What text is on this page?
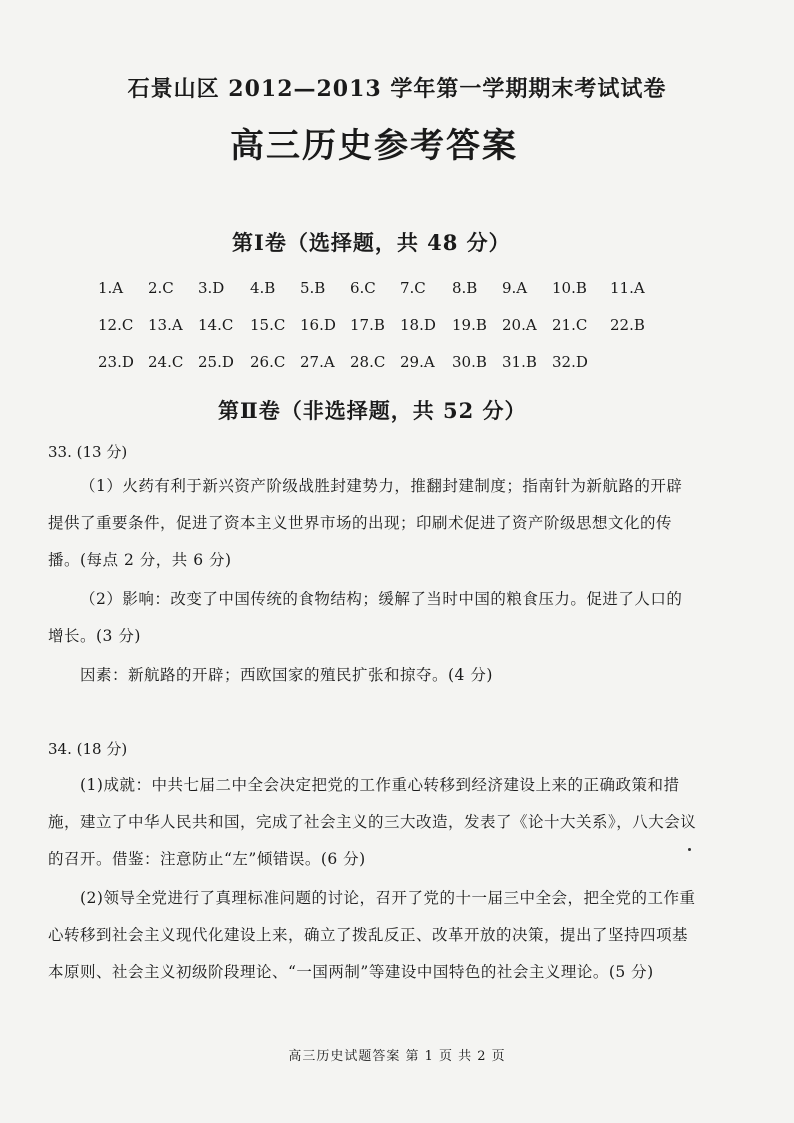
石景山区 2012—2013 学年第一学期期末考试试卷
高三历史参考答案
第Ⅰ卷（选择题，共 48 分）
1.A 2.C 3.D 4.B 5.B 6.C 7.C 8.B 9.A 10.B 11.A
12.C 13.A 14.C 15.C 16.D 17.B 18.D 19.B 20.A 21.C 22.B
23.D 24.C 25.D 26.C 27.A 28.C 29.A 30.B 31.B 32.D
第Ⅱ卷（非选择题，共 52 分）
33. (13 分)
（1）火药有利于新兴资产阶级战胜封建势力，推翻封建制度；指南针为新航路的开辟提供了重要条件，促进了资本主义世界市场的出现；印刷术促进了资产阶级思想文化的传播。(每点 2 分，共 6 分)
（2）影响：改变了中国传统的食物结构；缓解了当时中国的粮食压力。促进了人口的增长。(3 分)
因素：新航路的开辟；西欧国家的殖民扩张和掠夺。(4 分)
34. (18 分)
(1)成就：中共七届二中全会决定把党的工作重心转移到经济建设上来的正确政策和措施，建立了中华人民共和国，完成了社会主义的三大改造，发表了《论十大关系》，八大会议的召开。借鉴：注意防止“左”倾错误。(6 分)
(2)领导全党进行了真理标准问题的讨论，召开了党的十一届三中全会，把全党的工作重心转移到社会主义现代化建设上来，确立了拨乱反正、改革开放的决策，提出了坚持四项基本原则、社会主义初级阶段理论、“一国两制”等建设中国特色的社会主义理论。(5 分)
高三历史试题答案 第 1 页 共 2 页
